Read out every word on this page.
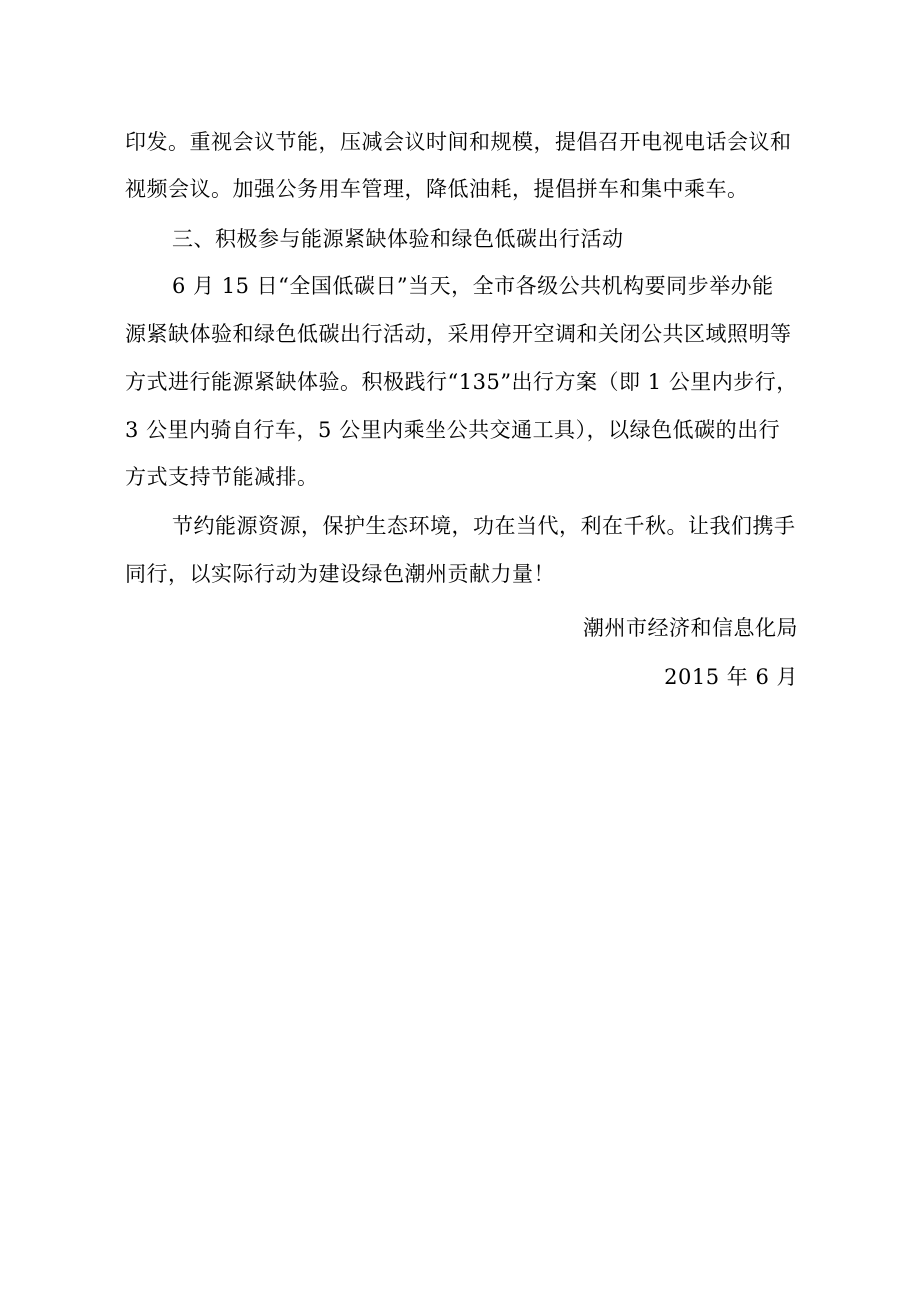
印发。重视会议节能，压减会议时间和规模，提倡召开电视电话会议和
视频会议。加强公务用车管理，降低油耗，提倡拼车和集中乘车。
三、积极参与能源紧缺体验和绿色低碳出行活动
6 月 15 日“全国低碳日”当天，全市各级公共机构要同步举办能
源紧缺体验和绿色低碳出行活动，采用停开空调和关闭公共区域照明等
方式进行能源紧缺体验。积极践行“135”出行方案（即 1 公里内步行，
3 公里内骑自行车，5 公里内乘坐公共交通工具），以绿色低碳的出行
方式支持节能减排。
节约能源资源，保护生态环境，功在当代，利在千秋。让我们携手
同行，以实际行动为建设绿色潮州贡献力量！
潮州市经济和信息化局
2015 年 6 月
